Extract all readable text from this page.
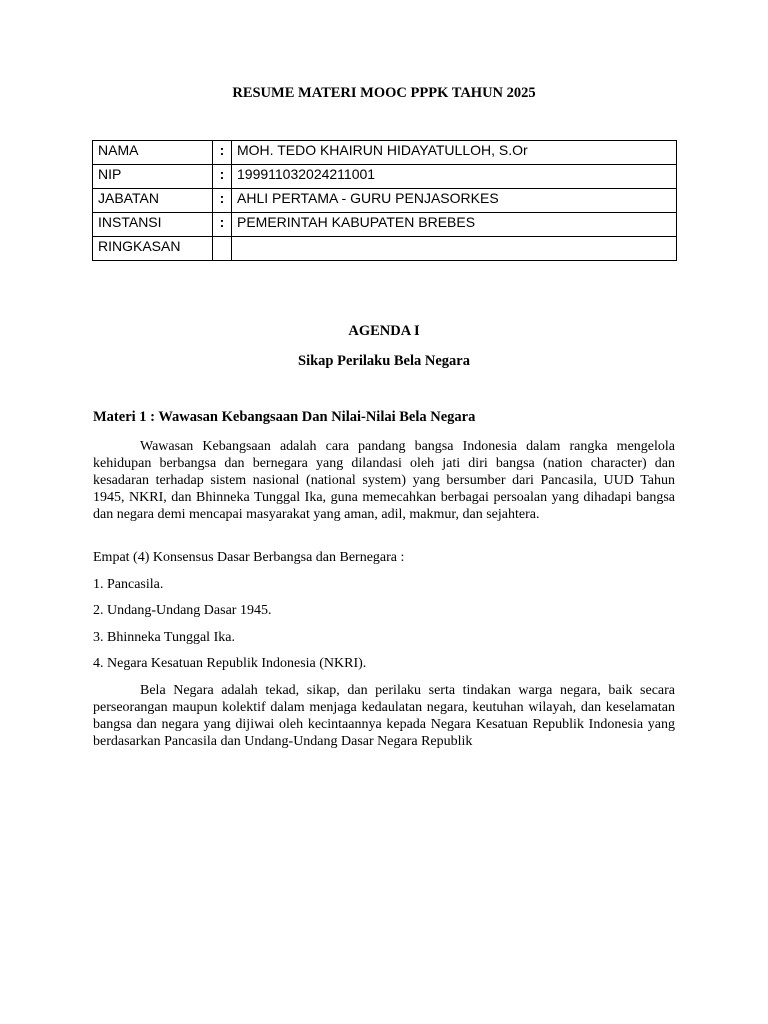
RESUME MATERI MOOC PPPK TAHUN 2025
NAMA	:	MOH. TEDO KHAIRUN HIDAYATULLOH, S.Or
NIP	:	199911032024211001
JABATAN	:	AHLI PERTAMA - GURU PENJASORKES
INSTANSI	:	PEMERINTAH KABUPATEN BREBES
RINGKASAN		
AGENDA I
Sikap Perilaku Bela Negara
Materi 1 : Wawasan Kebangsaan Dan Nilai-Nilai Bela Negara

Wawasan Kebangsaan adalah cara pandang bangsa Indonesia dalam rangka mengelola kehidupan berbangsa dan bernegara yang dilandasi oleh jati diri bangsa (nation character) dan kesadaran terhadap sistem nasional (national system) yang bersumber dari Pancasila, UUD Tahun 1945, NKRI, dan Bhinneka Tunggal Ika, guna memecahkan berbagai persoalan yang dihadapi bangsa dan negara demi mencapai masyarakat yang aman, adil, makmur, dan sejahtera.

Empat (4) Konsensus Dasar Berbangsa dan Bernegara :

1. Pancasila.

2. Undang-Undang Dasar 1945.

3. Bhinneka Tunggal Ika.

4. Negara Kesatuan Republik Indonesia (NKRI).

Bela Negara adalah tekad, sikap, dan perilaku serta tindakan warga negara, baik secara perseorangan maupun kolektif dalam menjaga kedaulatan negara, keutuhan wilayah, dan keselamatan bangsa dan negara yang dijiwai oleh kecintaannya kepada Negara Kesatuan Republik Indonesia yang berdasarkan Pancasila dan Undang-Undang Dasar Negara Republik
